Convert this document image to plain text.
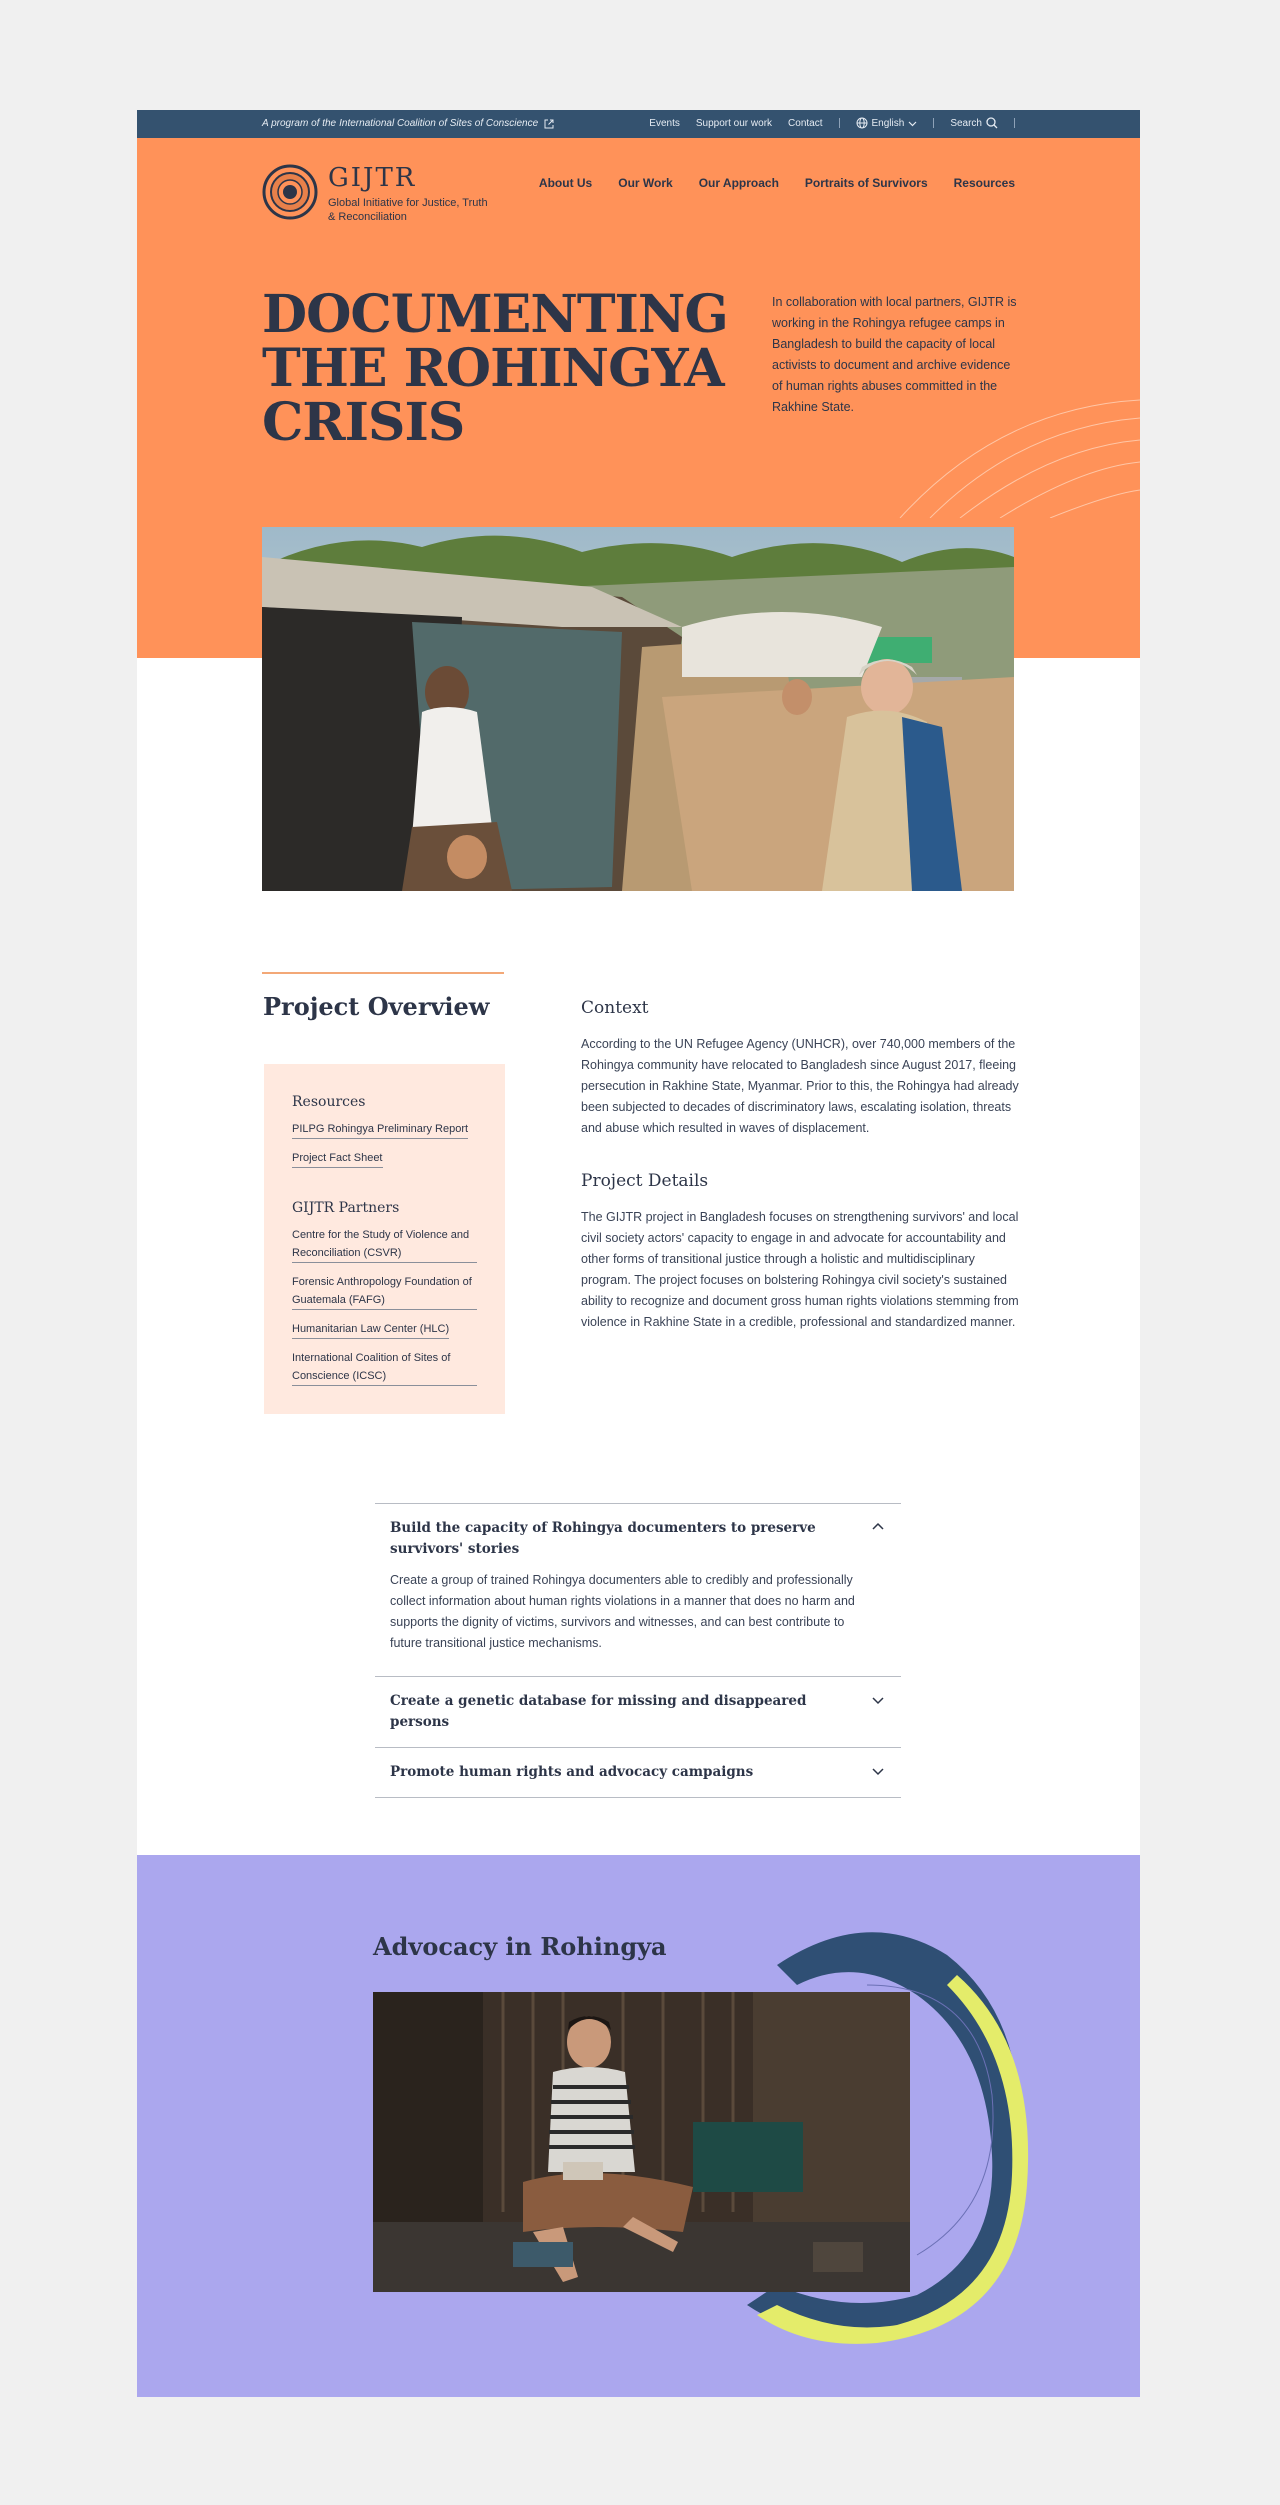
A program of the International Coalition of Sites of Conscience	Events Support our work Contact	English	Search
GIJTR
Global Initiative for Justice, Truth & Reconciliation
About Us Our Work Our Approach Portraits of Survivors Resources
DOCUMENTING THE ROHINGYA CRISIS

In collaboration with local partners, GIJTR is working in the Rohingya refugee camps in Bangladesh to build the capacity of local activists to document and archive evidence of human rights abuses committed in the Rakhine State.

Project Overview
Resources
PILPG Rohingya Preliminary Report
Project Fact Sheet
GIJTR Partners
Centre for the Study of Violence and Reconciliation (CSVR)
Forensic Anthropology Foundation of Guatemala (FAFG)
Humanitarian Law Center (HLC)
International Coalition of Sites of Conscience (ICSC)
Context

According to the UN Refugee Agency (UNHCR), over 740,000 members of the Rohingya community have relocated to Bangladesh since August 2017, fleeing persecution in Rakhine State, Myanmar. Prior to this, the Rohingya had already been subjected to decades of discriminatory laws, escalating isolation, threats and abuse which resulted in waves of displacement.

Project Details

The GIJTR project in Bangladesh focuses on strengthening survivors' and local civil society actors' capacity to engage in and advocate for accountability and other forms of transitional justice through a holistic and multidisciplinary program. The project focuses on bolstering Rohingya civil society's sustained ability to recognize and document gross human rights violations stemming from violence in Rakhine State in a credible, professional and standardized manner.

Build the capacity of Rohingya documenters to preserve survivors' stories
Create a group of trained Rohingya documenters able to credibly and professionally collect information about human rights violations in a manner that does no harm and supports the dignity of victims, survivors and witnesses, and can best contribute to future transitional justice mechanisms.
Create a genetic database for missing and disappeared persons
Promote human rights and advocacy campaigns
Advocacy in Rohingya
